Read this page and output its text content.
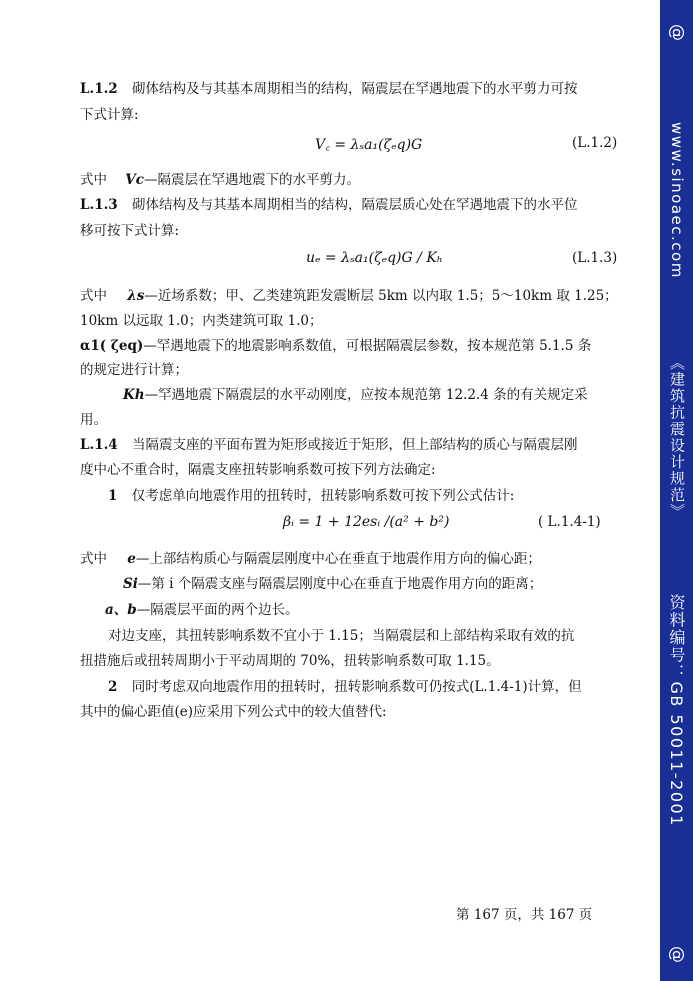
L.1.2 砌体结构及与其基本周期相当的结构，隔震层在罕遇地震下的水平剪力可按
下式计算:
V꜀ = λₛa₁(ζₑq)G	(L.1.2)
式中 Vc—隔震层在罕遇地震下的水平剪力。
L.1.3 砌体结构及与其基本周期相当的结构，隔震层质心处在罕遇地震下的水平位
移可按下式计算:
uₑ = λₛa₁(ζₑq)G / Kₕ	(L.1.3)
式中 λs—近场系数；甲、乙类建筑距发震断层 5km 以内取 1.5；5～10km 取 1.25；
10km 以远取 1.0；内类建筑可取 1.0；
α1( ζeq)—罕遇地震下的地震影响系数值，可根据隔震层参数，按本规范第 5.1.5 条
的规定进行计算；
Kh—罕遇地震下隔震层的水平动刚度，应按本规范第 12.2.4 条的有关规定采
用。
L.1.4 当隔震支座的平面布置为矩形或接近于矩形，但上部结构的质心与隔震层刚
度中心不重合时，隔震支座扭转影响系数可按下列方法确定:
1 仅考虑单向地震作用的扭转时，扭转影响系数可按下列公式估计:
βᵢ = 1 + 12esᵢ /(a² + b²)	( L.1.4-1)
式中 e—上部结构质心与隔震层刚度中心在垂直于地震作用方向的偏心距；
Si—第 i 个隔震支座与隔震层刚度中心在垂直于地震作用方向的距离；
a、b—隔震层平面的两个边长。
对边支座，其扭转影响系数不宜小于 1.15；当隔震层和上部结构采取有效的抗
扭措施后或扭转周期小于平动周期的 70%，扭转影响系数可取 1.15。
2 同时考虑双向地震作用的扭转时，扭转影响系数可仍按式(L.1.4-1)计算，但
其中的偏心距值(e)应采用下列公式中的较大值替代:
第 167 页，共 167 页
@
www.sinoaec.com
《建筑抗震设计规范》
资料编号：GB 50011-2001
@
